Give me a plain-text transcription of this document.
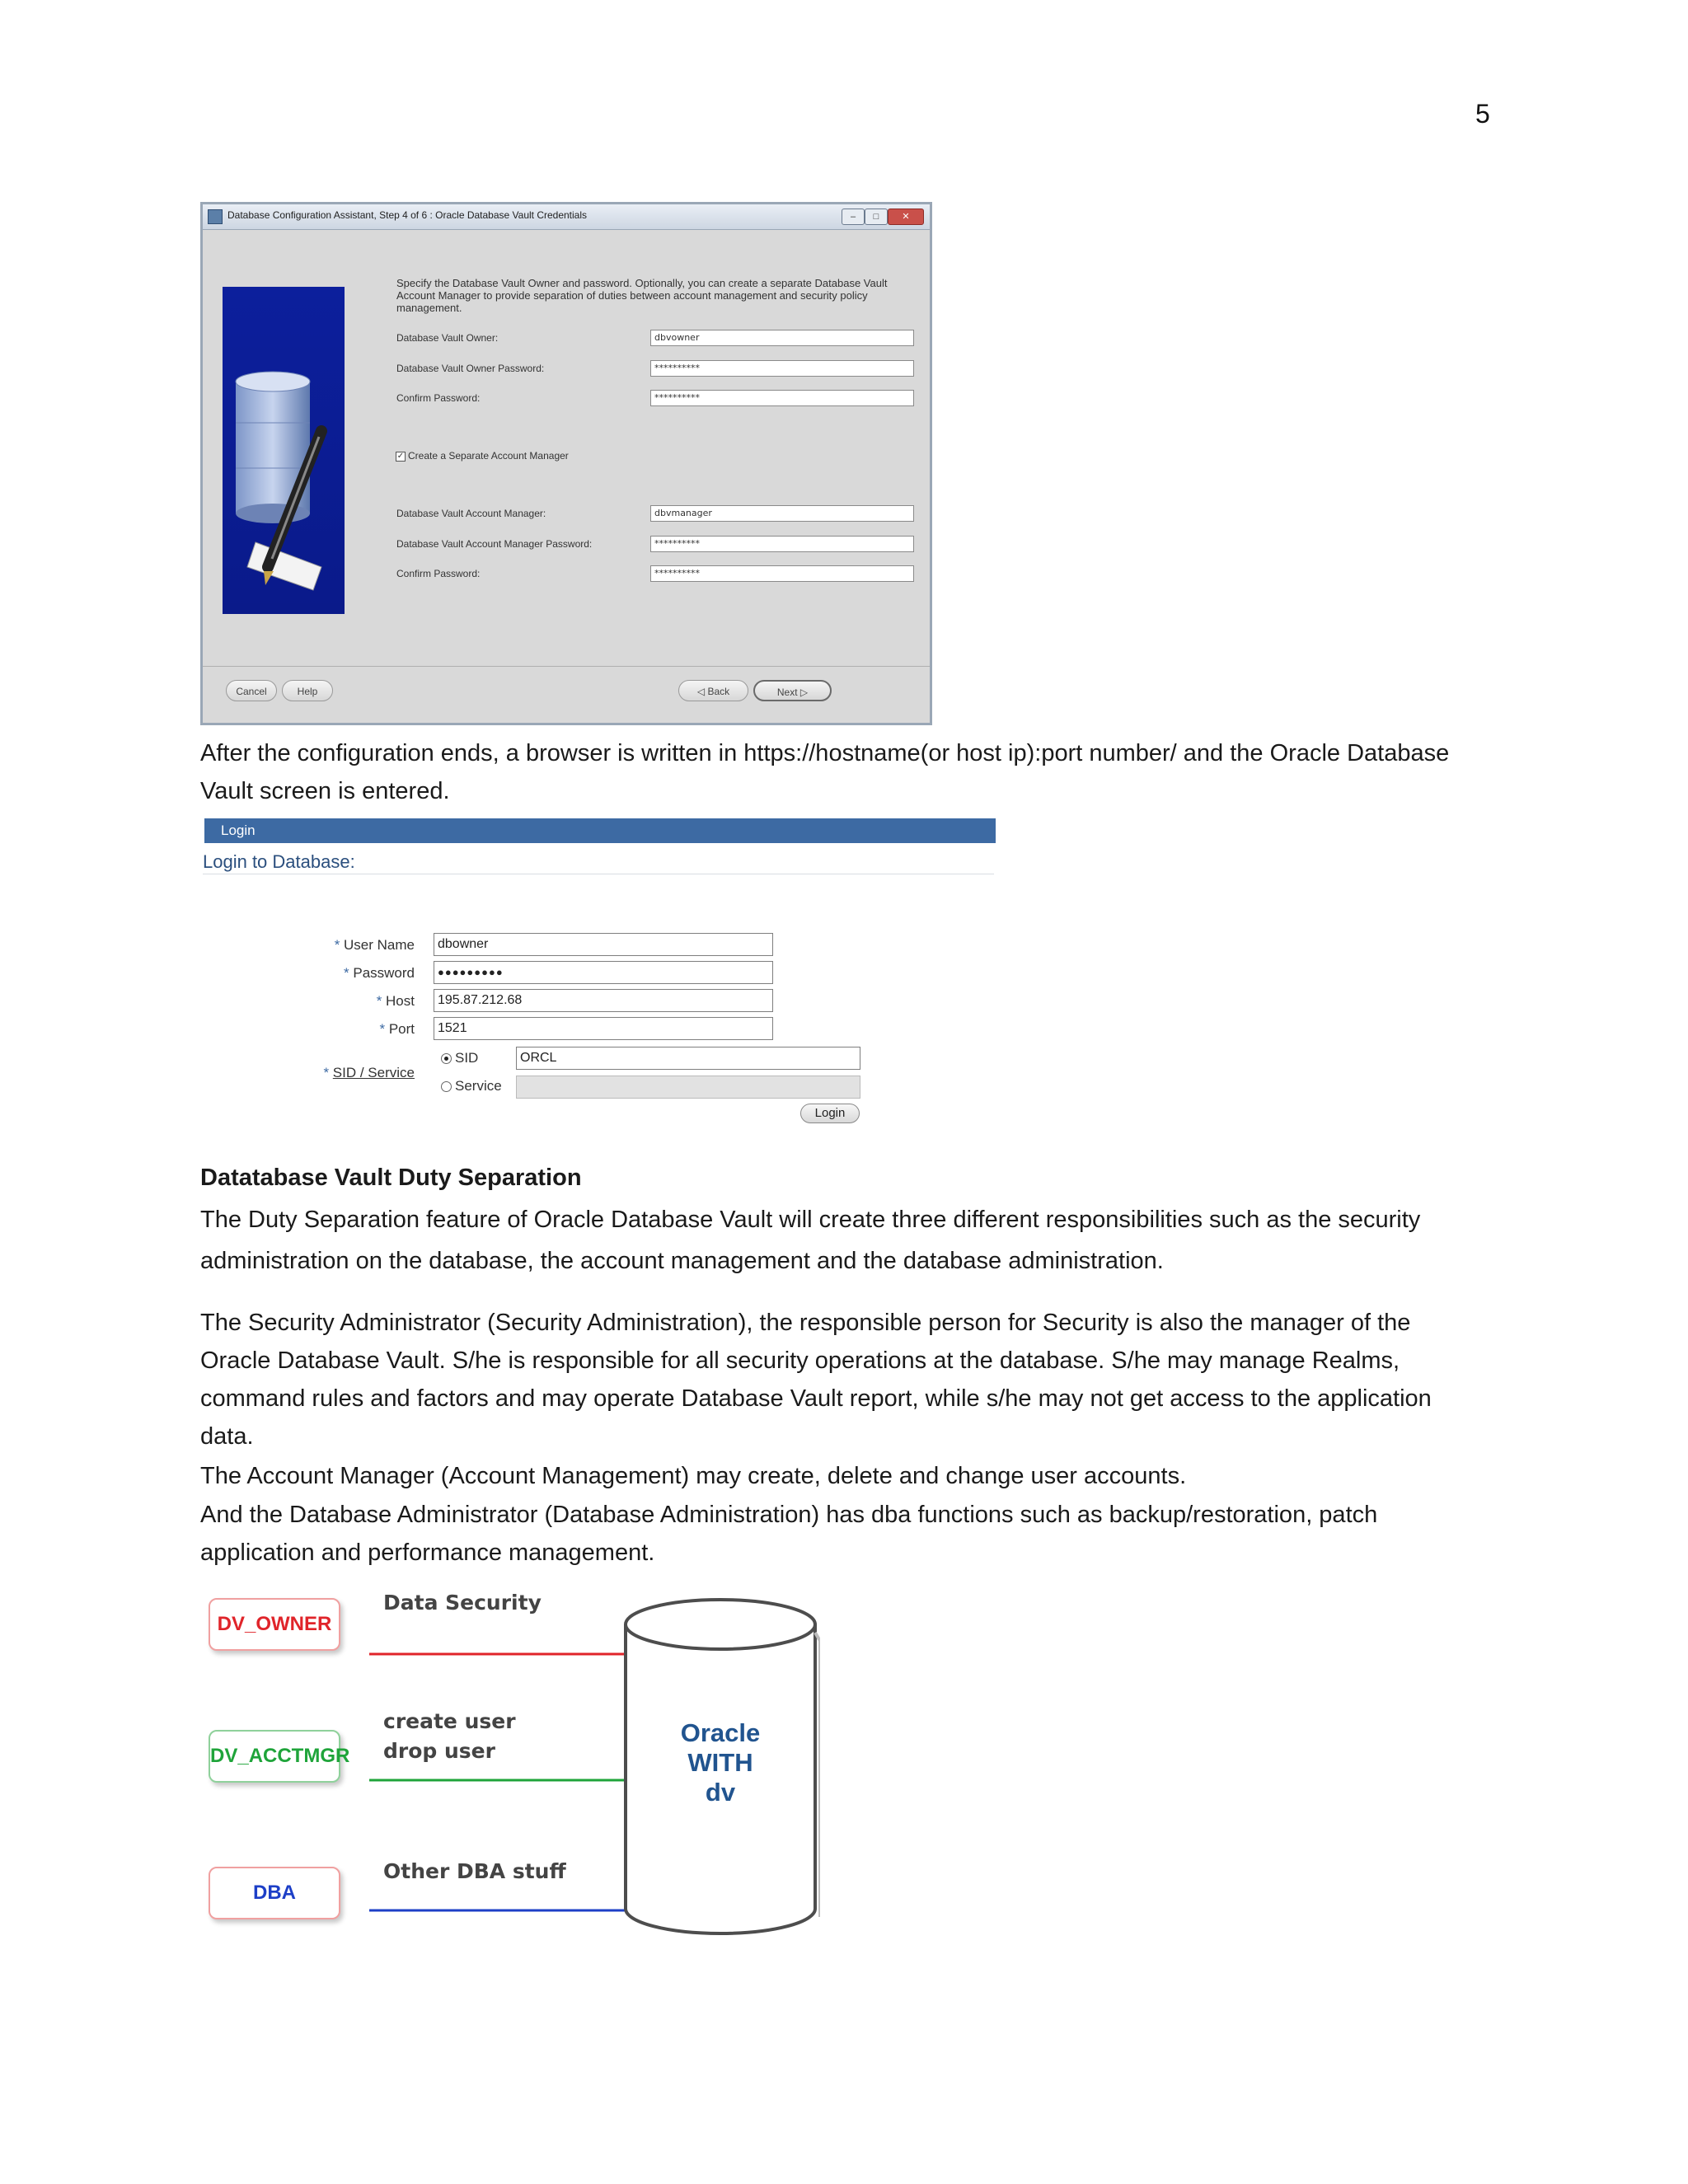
5
Database Configuration Assistant, Step 4 of 6 : Oracle Database Vault Credentials	–	□	✕
Specify the Database Vault Owner and password. Optionally, you can create a separate Database Vault Account Manager to provide separation of duties between account management and security policy management.
Database Vault Owner:	dbvowner
Database Vault Owner Password:	**********
Confirm Password:	**********
✓ Create a Separate Account Manager
Database Vault Account Manager:	dbvmanager
Database Vault Account Manager Password:	**********
Confirm Password:	**********
Cancel	Help	◁ Back	Next ▷
After the configuration ends, a browser is written in https://hostname(or host ip):port number/ and the Oracle Database Vault screen is entered.
Login
Login to Database:
* User Name	dbowner
* Password	●●●●●●●●●
* Host	195.87.212.68
* Port	1521
* SID / Service
SID	ORCL
Service
Login
Datatabase Vault Duty Separation
The Duty Separation feature of Oracle Database Vault will create three different responsibilities such as the security administration on the database, the account management and the database administration.
The Security Administrator (Security Administration), the responsible person for Security is also the manager of the Oracle Database Vault. S/he is responsible for all security operations at the database. S/he may manage Realms, command rules and factors and may operate Database Vault report, while s/he may not get access to the application data.
The Account Manager (Account Management) may create, delete and change user accounts.
And the Database Administrator (Database Administration) has dba functions such as backup/restoration, patch application and performance management.
DV_OWNER
Data Security
DV_ACCTMGR
create user
drop user
DBA
Other DBA stuff
Oracle
WITH
dv
